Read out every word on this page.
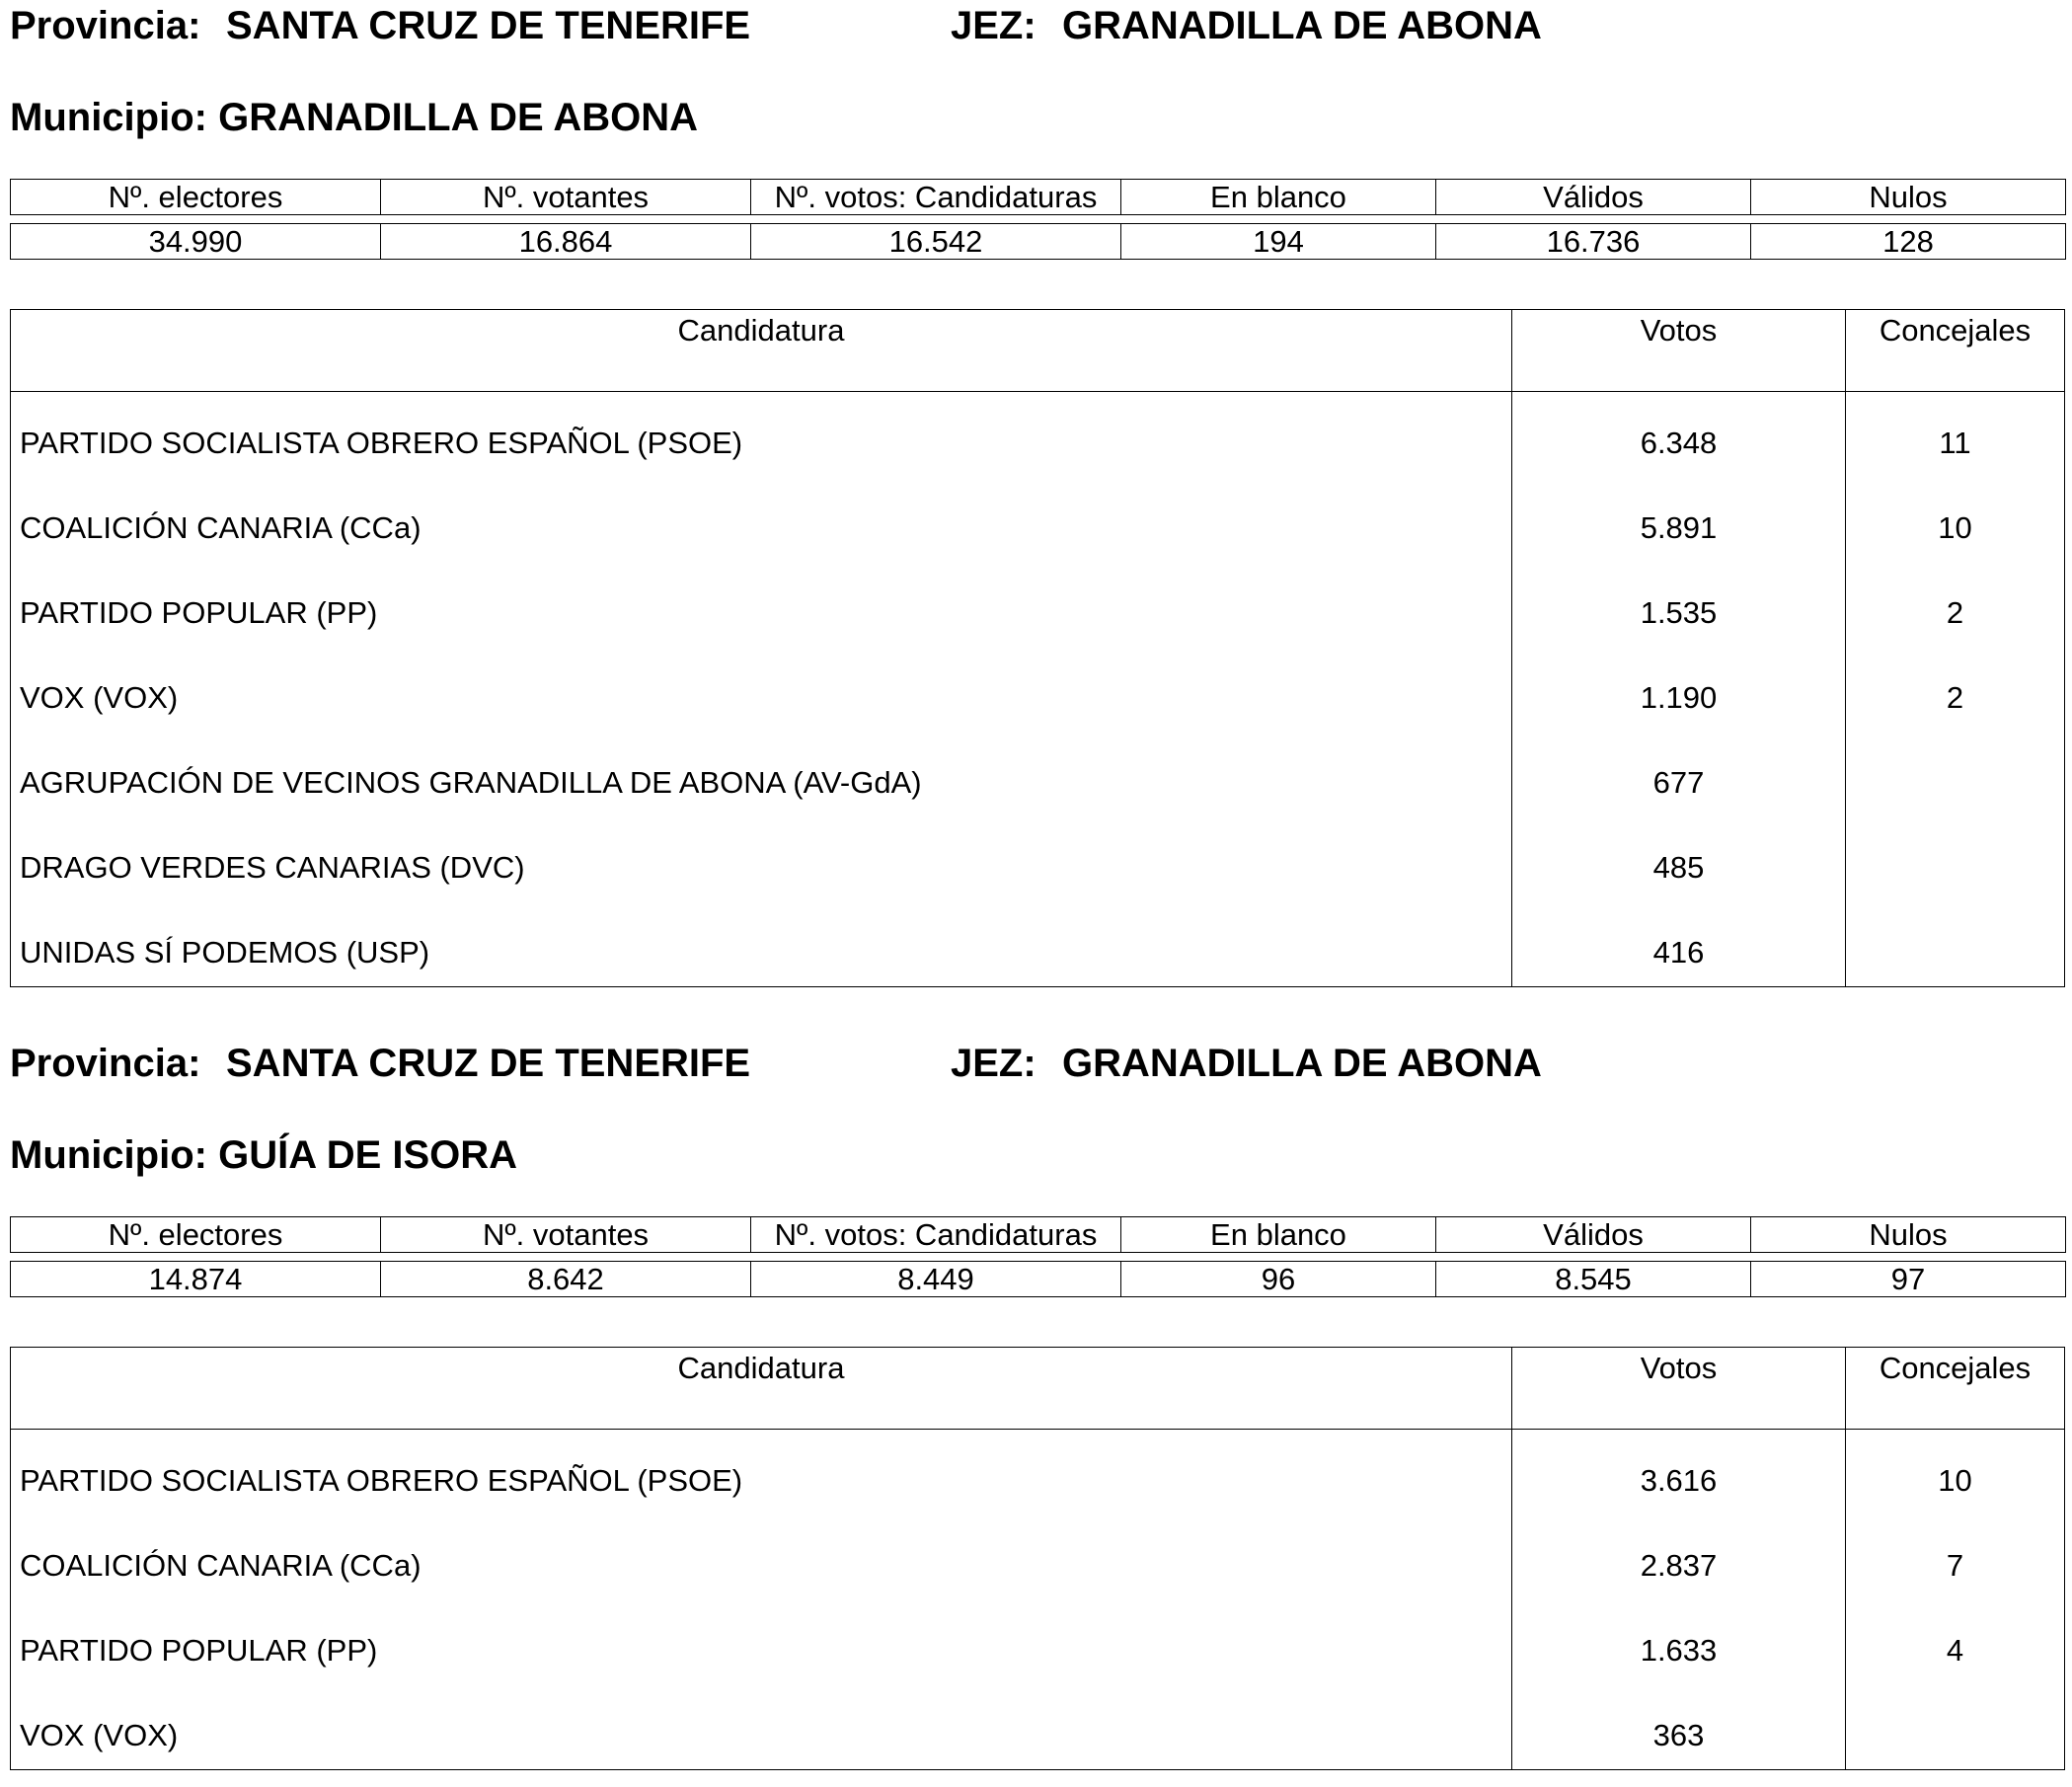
Provincia: SANTA CRUZ DE TENERIFE	JEZ: GRANADILLA DE ABONA
Municipio: GRANADILLA DE ABONA
Nº. electores	Nº. votantes	Nº. votos: Candidaturas	En blanco	Válidos	Nulos
34.990	16.864	16.542	194	16.736	128
Candidatura	Votos	Concejales
PARTIDO SOCIALISTA OBRERO ESPAÑOL (PSOE)	6.348	11
COALICIÓN CANARIA (CCa)	5.891	10
PARTIDO POPULAR (PP)	1.535	2
VOX (VOX)	1.190	2
AGRUPACIÓN DE VECINOS GRANADILLA DE ABONA (AV-GdA)	677
DRAGO VERDES CANARIAS (DVC)	485
UNIDAS SÍ PODEMOS (USP)	416
Provincia: SANTA CRUZ DE TENERIFE	JEZ: GRANADILLA DE ABONA
Municipio: GUÍA DE ISORA
Nº. electores	Nº. votantes	Nº. votos: Candidaturas	En blanco	Válidos	Nulos
14.874	8.642	8.449	96	8.545	97
Candidatura	Votos	Concejales
PARTIDO SOCIALISTA OBRERO ESPAÑOL (PSOE)	3.616	10
COALICIÓN CANARIA (CCa)	2.837	7
PARTIDO POPULAR (PP)	1.633	4
VOX (VOX)	363
